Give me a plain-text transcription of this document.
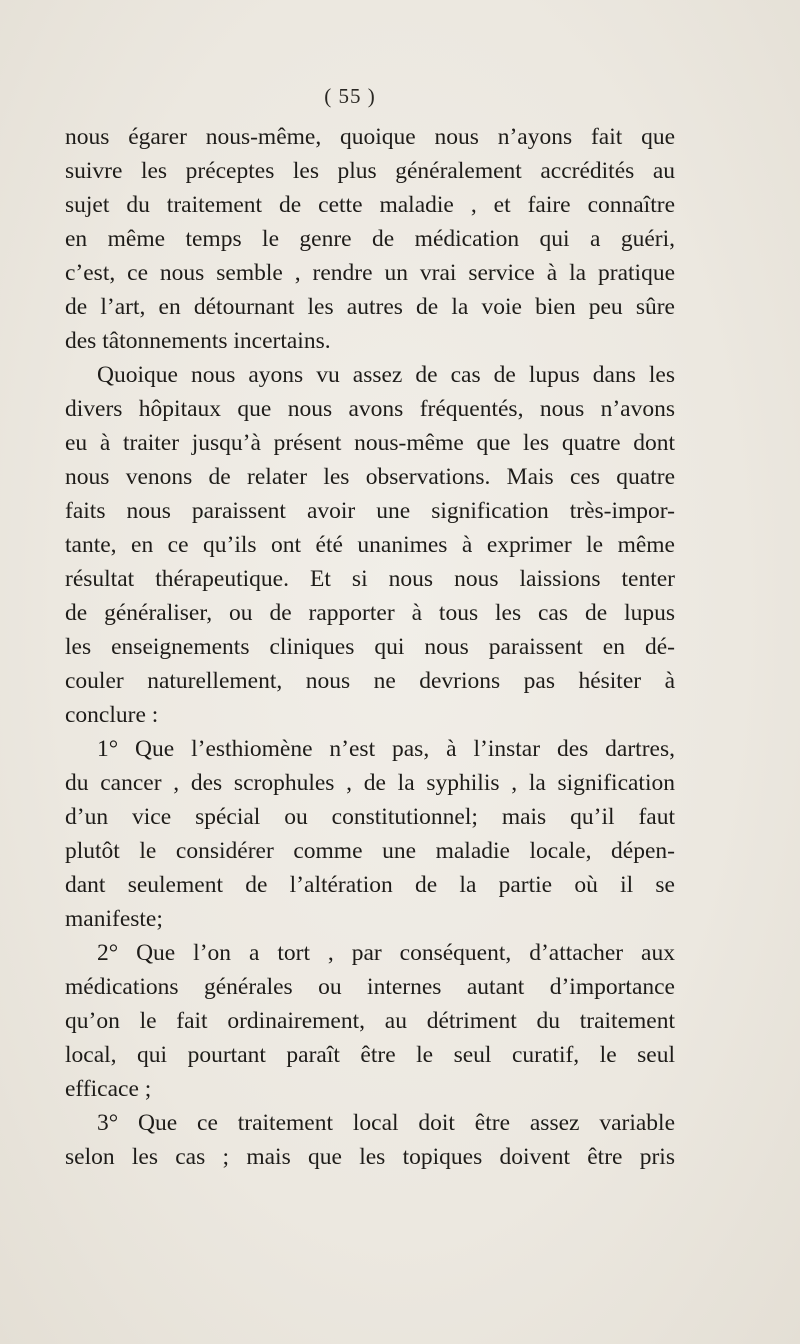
( 55 )
nous égarer nous-même, quoique nous n’ayons fait que
suivre les préceptes les plus généralement accrédités au
sujet du traitement de cette maladie , et faire connaître
en même temps le genre de médication qui a guéri,
c’est, ce nous semble , rendre un vrai service à la pratique
de l’art, en détournant les autres de la voie bien peu sûre
des tâtonnements incertains.
Quoique nous ayons vu assez de cas de lupus dans les
divers hôpitaux que nous avons fréquentés, nous n’avons
eu à traiter jusqu’à présent nous-même que les quatre dont
nous venons de relater les observations. Mais ces quatre
faits nous paraissent avoir une signification très-impor-
tante, en ce qu’ils ont été unanimes à exprimer le même
résultat thérapeutique. Et si nous nous laissions tenter
de généraliser, ou de rapporter à tous les cas de lupus
les enseignements cliniques qui nous paraissent en dé-
couler naturellement, nous ne devrions pas hésiter à
conclure :
1° Que l’esthiomène n’est pas, à l’instar des dartres,
du cancer , des scrophules , de la syphilis , la signification
d’un vice spécial ou constitutionnel; mais qu’il faut
plutôt le considérer comme une maladie locale, dépen-
dant seulement de l’altération de la partie où il se
manifeste;
2° Que l’on a tort , par conséquent, d’attacher aux
médications générales ou internes autant d’importance
qu’on le fait ordinairement, au détriment du traitement
local, qui pourtant paraît être le seul curatif, le seul
efficace ;
3° Que ce traitement local doit être assez variable
selon les cas ; mais que les topiques doivent être pris
